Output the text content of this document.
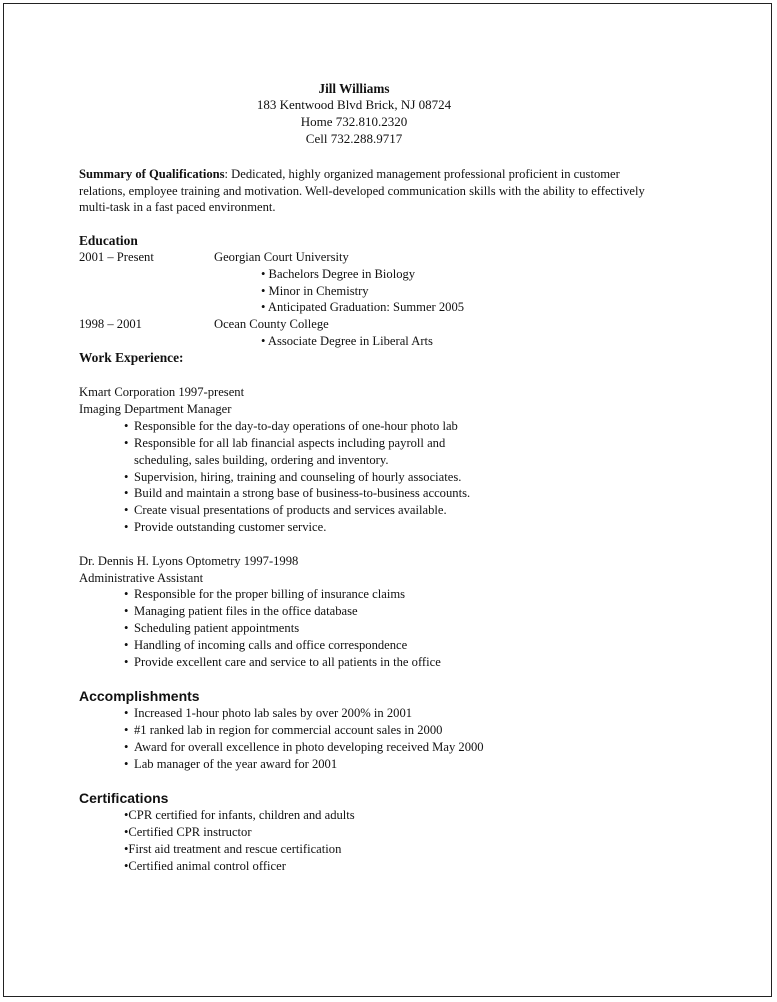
Jill Williams
183 Kentwood Blvd Brick, NJ 08724
Home 732.810.2320
Cell 732.288.9717
Summary of Qualifications: Dedicated, highly organized management professional proficient in customer
relations, employee training and motivation. Well-developed communication skills with the ability to effectively
multi-task in a fast paced environment.
Education
2001 – Present	Georgian Court University
• Bachelors Degree in Biology
• Minor in Chemistry
• Anticipated Graduation: Summer 2005
1998 – 2001	Ocean County College
• Associate Degree in Liberal Arts
Work Experience:
Kmart Corporation 1997-present
Imaging Department Manager
• Responsible for the day-to-day operations of one-hour photo lab
• Responsible for all lab financial aspects including payroll and
scheduling, sales building, ordering and inventory.
• Supervision, hiring, training and counseling of hourly associates.
• Build and maintain a strong base of business-to-business accounts.
• Create visual presentations of products and services available.
• Provide outstanding customer service.
Dr. Dennis H. Lyons Optometry 1997-1998
Administrative Assistant
• Responsible for the proper billing of insurance claims
• Managing patient files in the office database
• Scheduling patient appointments
• Handling of incoming calls and office correspondence
• Provide excellent care and service to all patients in the office
Accomplishments
• Increased 1-hour photo lab sales by over 200% in 2001
• #1 ranked lab in region for commercial account sales in 2000
• Award for overall excellence in photo developing received May 2000
• Lab manager of the year award for 2001
Certifications
•CPR certified for infants, children and adults
•Certified CPR instructor
•First aid treatment and rescue certification
•Certified animal control officer
